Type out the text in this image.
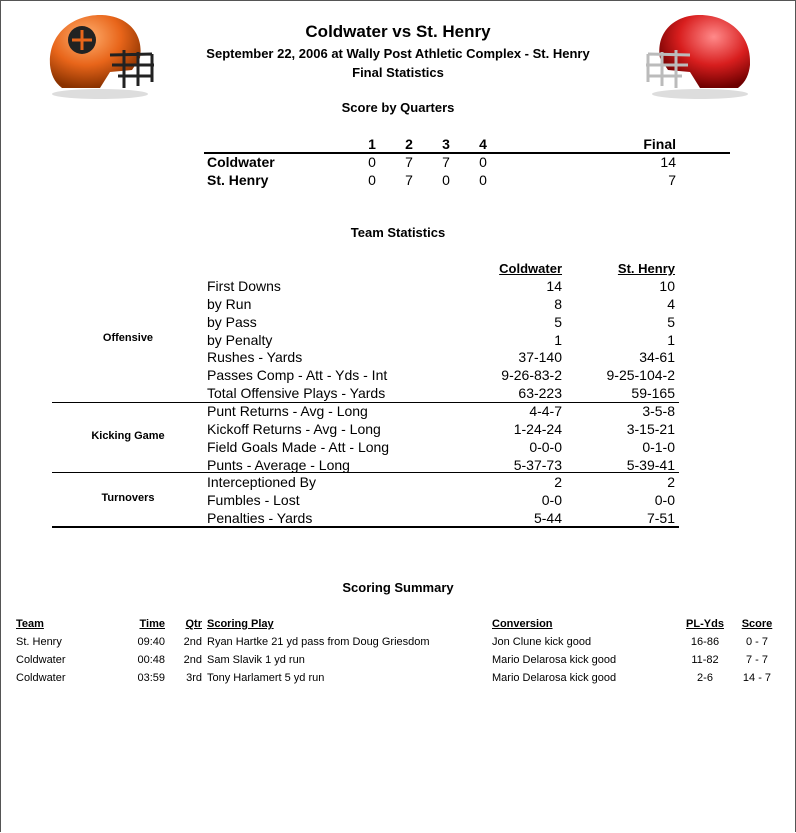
Coldwater vs St. Henry
September 22, 2006 at Wally Post Athletic Complex - St. Henry
Final Statistics
Score by Quarters
1	2	3	4	Final
Coldwater	0	7	7	0	14
St. Henry	0	7	0	0	7
Team Statistics
Coldwater	St. Henry
Offensive
First Downs	14	10
by Run	8	4
by Pass	5	5
by Penalty	1	1
Rushes - Yards	37-140	34-61
Passes Comp - Att - Yds - Int	9-26-83-2	9-25-104-2
Total Offensive Plays - Yards	63-223	59-165
Kicking Game
Punt Returns - Avg - Long	4-4-7	3-5-8
Kickoff Returns - Avg - Long	1-24-24	3-15-21
Field Goals Made - Att - Long	0-0-0	0-1-0
Punts - Average - Long	5-37-73	5-39-41
Turnovers
Interceptioned By	2	2
Fumbles - Lost	0-0	0-0
Penalties - Yards	5-44	7-51
Scoring Summary
Team	Time	Qtr Scoring Play	Conversion	PL-Yds	Score
St. Henry	09:40	2nd Ryan Hartke 21 yd pass from Doug Griesdom	Jon Clune kick good	16-86	0 - 7
Coldwater	00:48	2nd Sam Slavik 1 yd run	Mario Delarosa kick good	11-82	7 - 7
Coldwater	03:59	3rd Tony Harlamert 5 yd run	Mario Delarosa kick good	2-6	14 - 7
